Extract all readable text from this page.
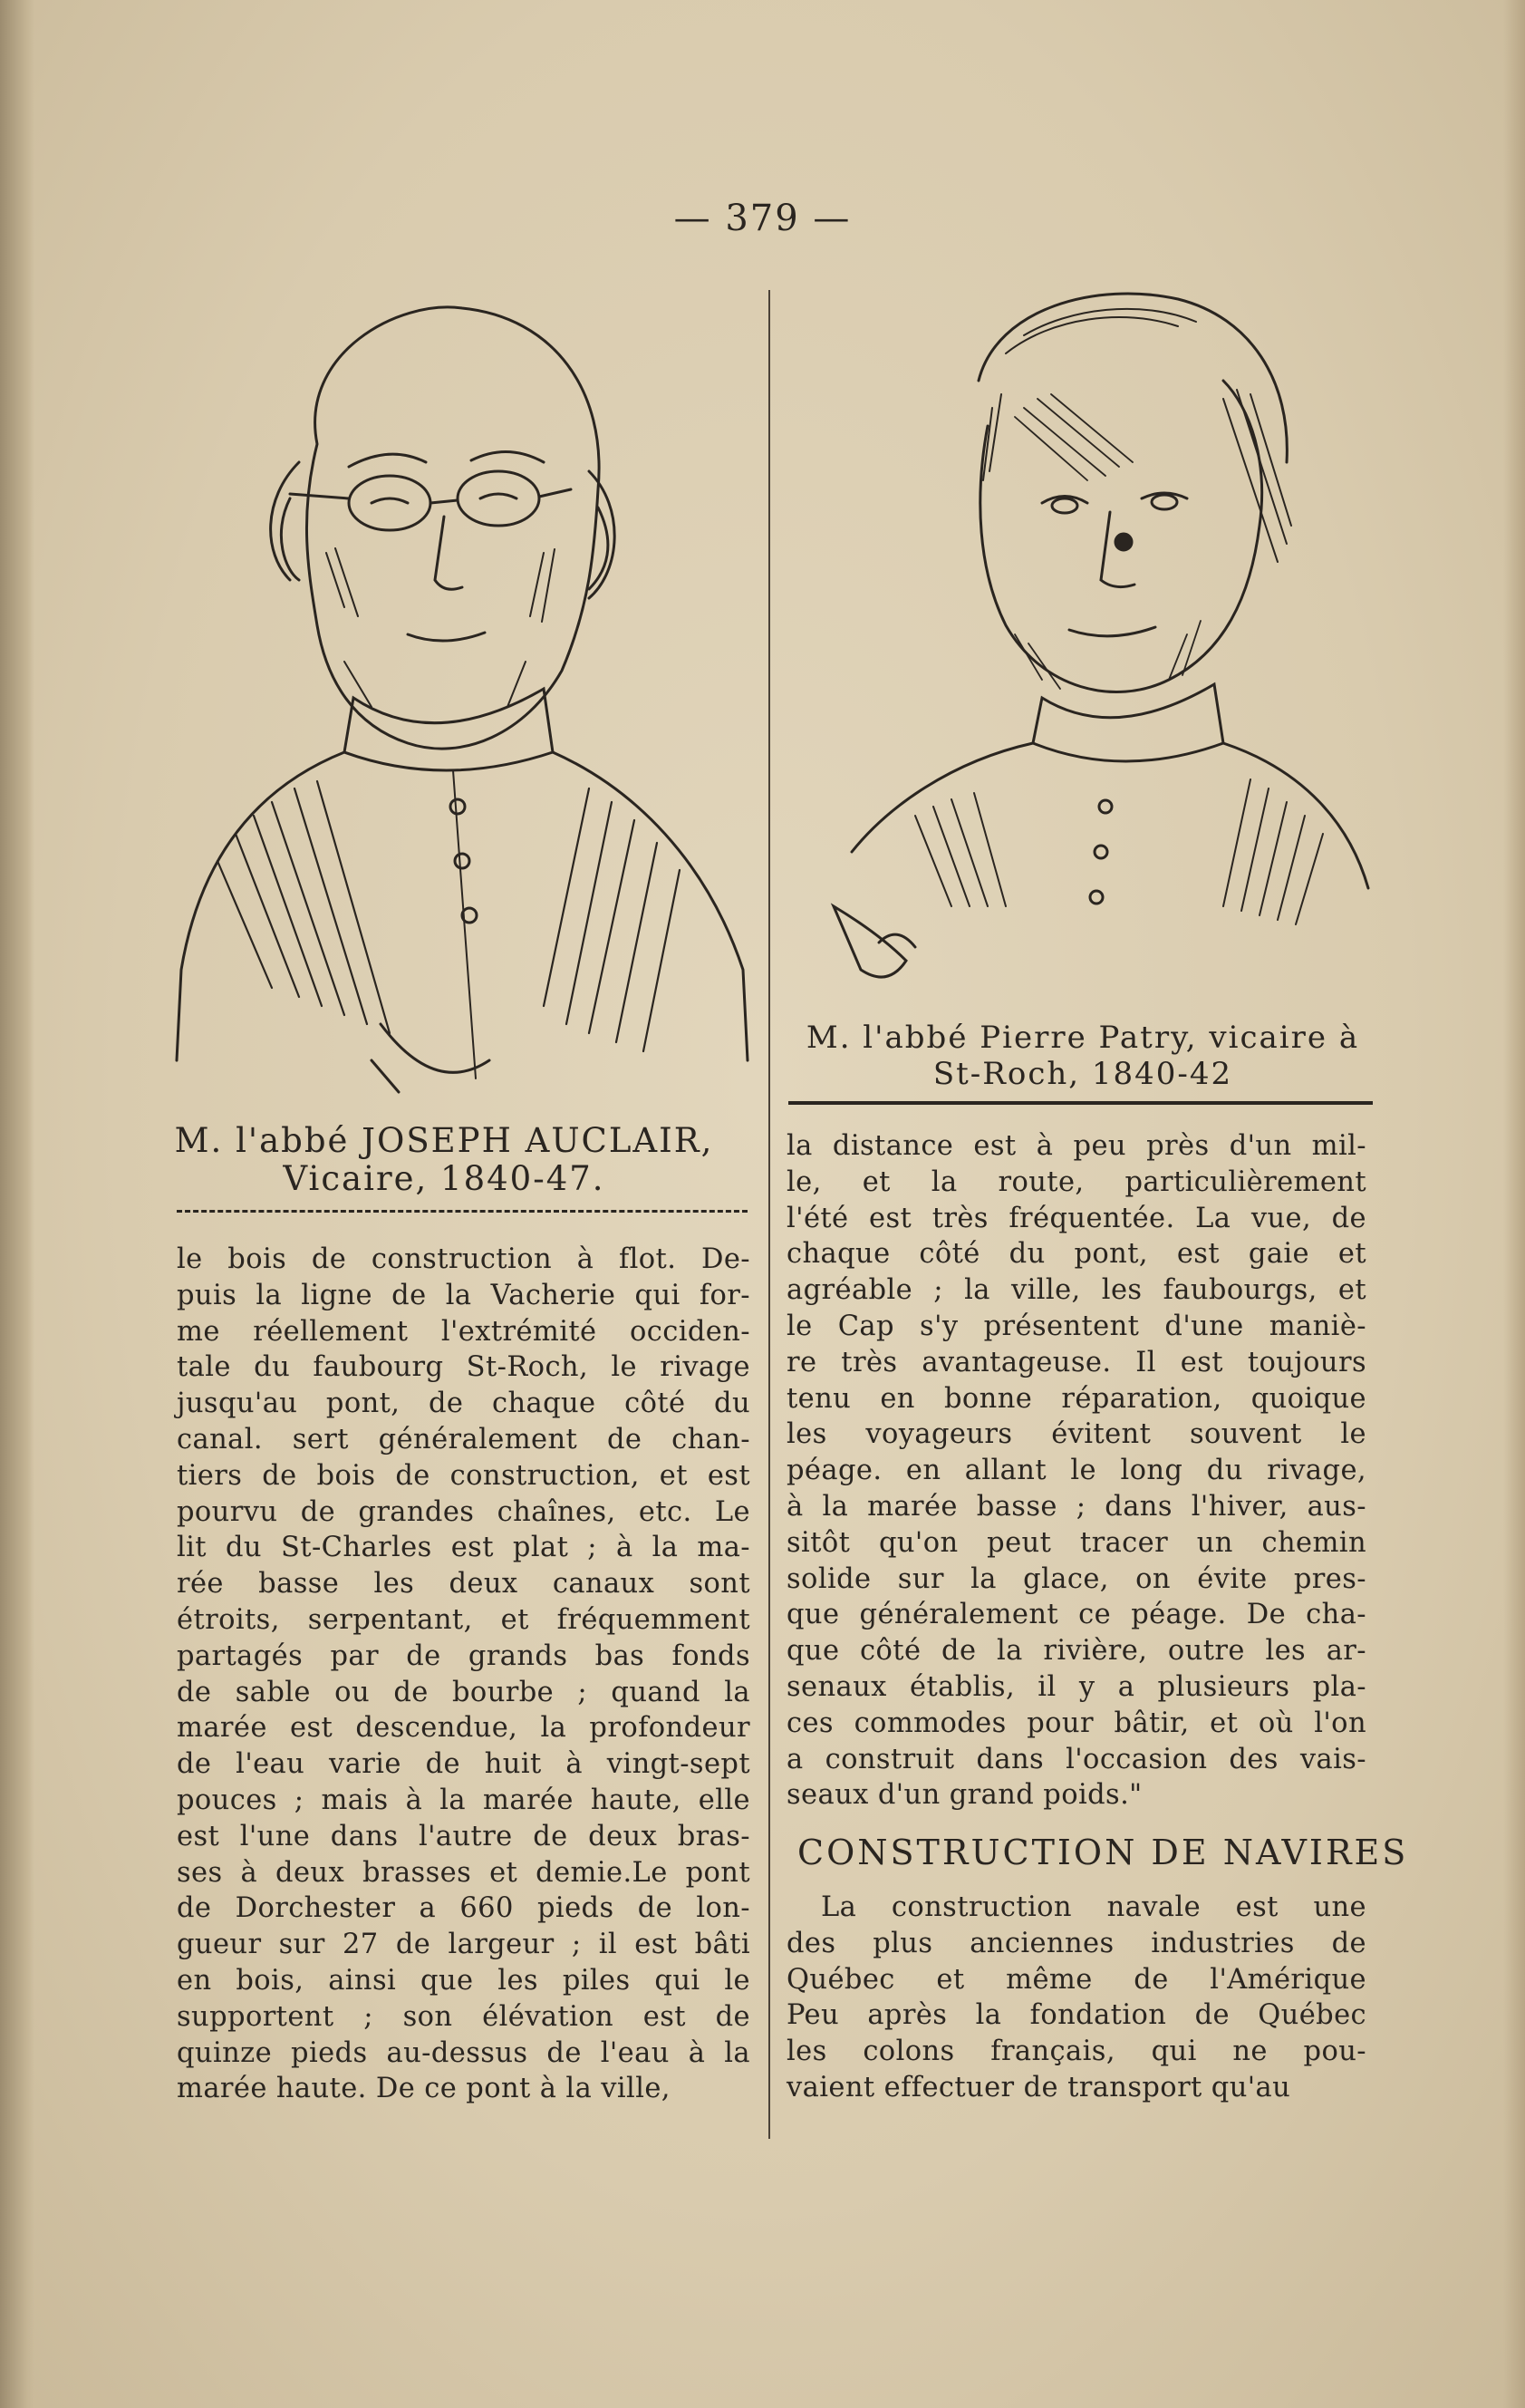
— 379 —
M. l'abbé JOSEPH AUCLAIR,
Vicaire, 1840-47.
le bois de construction à flot. De-
puis la ligne de la Vacherie qui for-
me réellement l'extrémité occiden-
tale du faubourg St-Roch, le rivage
jusqu'au pont, de chaque côté du
canal. sert généralement de chan-
tiers de bois de construction, et est
pourvu de grandes chaînes, etc. Le
lit du St-Charles est plat ; à la ma-
rée basse les deux canaux sont
étroits, serpentant, et fréquemment
partagés par de grands bas fonds
de sable ou de bourbe ; quand la
marée est descendue, la profondeur
de l'eau varie de huit à vingt-sept
pouces ; mais à la marée haute, elle
est l'une dans l'autre de deux bras-
ses à deux brasses et demie.Le pont
de Dorchester a 660 pieds de lon-
gueur sur 27 de largeur ; il est bâti
en bois, ainsi que les piles qui le
supportent ; son élévation est de
quinze pieds au-dessus de l'eau à la
marée haute. De ce pont à la ville,
M. l'abbé Pierre Patry, vicaire à
St-Roch, 1840-42
la distance est à peu près d'un mil-
le, et la route, particulièrement
l'été est très fréquentée. La vue, de
chaque côté du pont, est gaie et
agréable ; la ville, les faubourgs, et
le Cap s'y présentent d'une maniè-
re très avantageuse. Il est toujours
tenu en bonne réparation, quoique
les voyageurs évitent souvent le
péage. en allant le long du rivage,
à la marée basse ; dans l'hiver, aus-
sitôt qu'on peut tracer un chemin
solide sur la glace, on évite pres-
que généralement ce péage. De cha-
que côté de la rivière, outre les ar-
senaux établis, il y a plusieurs pla-
ces commodes pour bâtir, et où l'on
a construit dans l'occasion des vais-
seaux d'un grand poids."
CONSTRUCTION DE NAVIRES
La construction navale est une
des plus anciennes industries de
Québec et même de l'Amérique
Peu après la fondation de Québec
les colons français, qui ne pou-
vaient effectuer de transport qu'au
